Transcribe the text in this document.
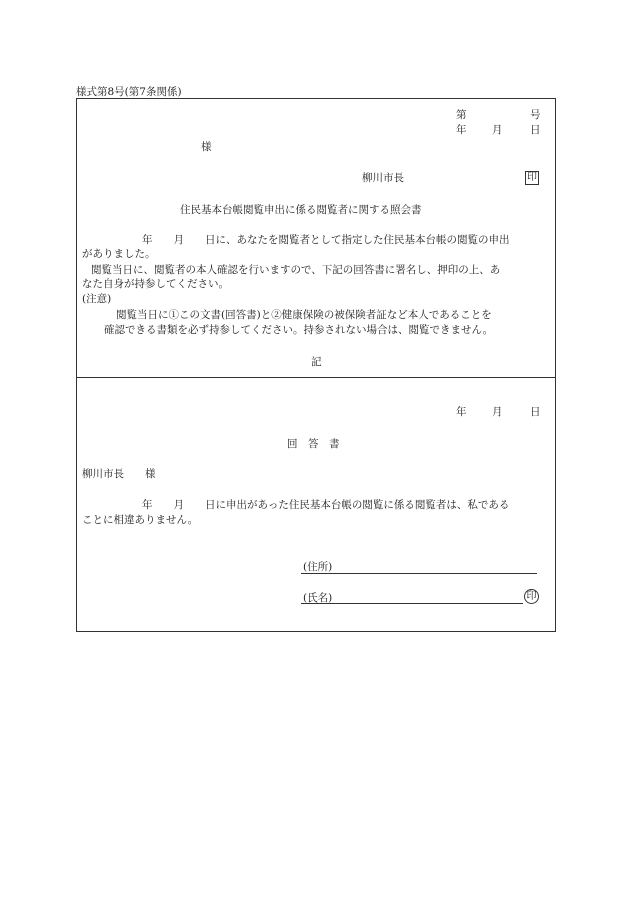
様式第8号(第7条関係)
第	号
年 月	日
様
柳川市長	印
住民基本台帳閲覧申出に係る閲覧者に関する照会書
年　　月　　日に、あなたを閲覧者として指定した住民基本台帳の閲覧の申出
がありました。
閲覧当日に、閲覧者の本人確認を行いますので、下記の回答書に署名し、押印の上、あ
なた自身が持参してください。
(注意)
閲覧当日に①この文書(回答書)と②健康保険の被保険者証など本人であることを
確認できる書類を必ず持参してください。持参されない場合は、閲覧できません。
記
年 月	日
回　答　書
柳川市長　　様
年　　月　　日に申出があった住民基本台帳の閲覧に係る閲覧者は、私である
ことに相違ありません。
(住所)
(氏名)	印
